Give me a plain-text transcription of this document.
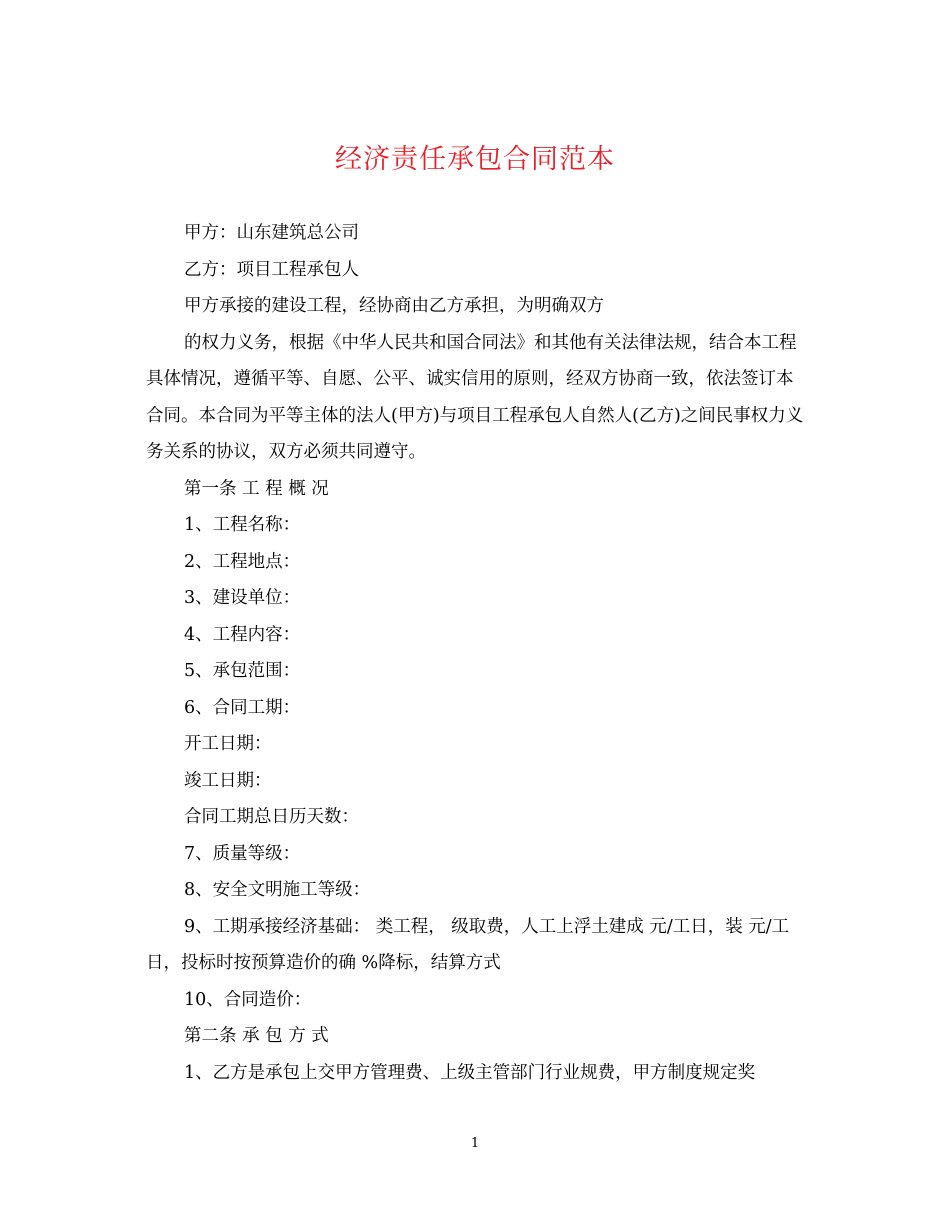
经济责任承包合同范本

甲方：山东建筑总公司

乙方：项目工程承包人

甲方承接的建设工程，经协商由乙方承担，为明确双方

的权力义务，根据《中华人民共和国合同法》和其他有关法律法规，结合本工程具体情况，遵循平等、自愿、公平、诚实信用的原则，经双方协商一致，依法签订本合同。本合同为平等主体的法人(甲方)与项目工程承包人自然人(乙方)之间民事权力义务关系的协议，双方必须共同遵守。

第一条 工 程 概 况

1、工程名称：

2、工程地点：

3、建设单位：

4、工程内容：

5、承包范围：

6、合同工期：

开工日期：

竣工日期：

合同工期总日历天数：

7、质量等级：

8、安全文明施工等级：

9、工期承接经济基础： 类工程， 级取费，人工上浮土建成 元/工日，装 元/工日，投标时按预算造价的确 %降标，结算方式

10、合同造价：

第二条 承 包 方 式

1、乙方是承包上交甲方管理费、上级主管部门行业规费，甲方制度规定奖

1
